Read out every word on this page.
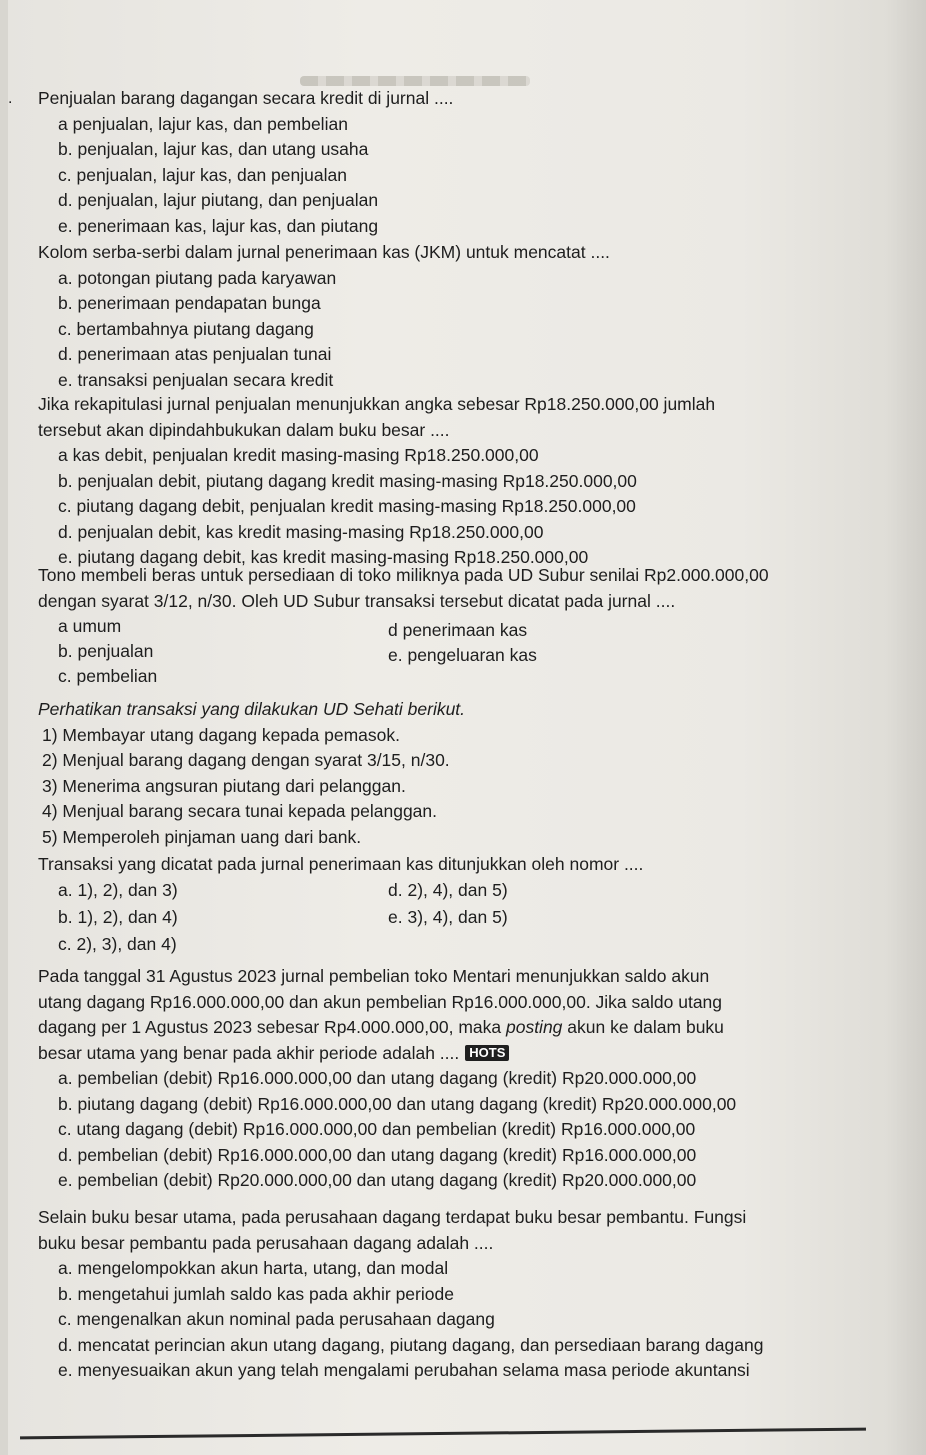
. Penjualan barang dagangan secara kredit di jurnal ....
a penjualan, lajur kas, dan pembelian
b. penjualan, lajur kas, dan utang usaha
c. penjualan, lajur kas, dan penjualan
d. penjualan, lajur piutang, dan penjualan
e. penerimaan kas, lajur kas, dan piutang
Kolom serba-serbi dalam jurnal penerimaan kas (JKM) untuk mencatat ....
a. potongan piutang pada karyawan
b. penerimaan pendapatan bunga
c. bertambahnya piutang dagang
d. penerimaan atas penjualan tunai
e. transaksi penjualan secara kredit
Jika rekapitulasi jurnal penjualan menunjukkan angka sebesar Rp18.250.000,00 jumlah
tersebut akan dipindahbukukan dalam buku besar ....
a kas debit, penjualan kredit masing-masing Rp18.250.000,00
b. penjualan debit, piutang dagang kredit masing-masing Rp18.250.000,00
c. piutang dagang debit, penjualan kredit masing-masing Rp18.250.000,00
d. penjualan debit, kas kredit masing-masing Rp18.250.000,00
e. piutang dagang debit, kas kredit masing-masing Rp18.250.000,00
Tono membeli beras untuk persediaan di toko miliknya pada UD Subur senilai Rp2.000.000,00
dengan syarat 3/12, n/30. Oleh UD Subur transaksi tersebut dicatat pada jurnal ....
a umum
b. penjualan
c. pembelian
d penerimaan kas
e. pengeluaran kas
Perhatikan transaksi yang dilakukan UD Sehati berikut.
1) Membayar utang dagang kepada pemasok.
2) Menjual barang dagang dengan syarat 3/15, n/30.
3) Menerima angsuran piutang dari pelanggan.
4) Menjual barang secara tunai kepada pelanggan.
5) Memperoleh pinjaman uang dari bank.
Transaksi yang dicatat pada jurnal penerimaan kas ditunjukkan oleh nomor ....
a. 1), 2), dan 3)
b. 1), 2), dan 4)
c. 2), 3), dan 4)
d. 2), 4), dan 5)
e. 3), 4), dan 5)
Pada tanggal 31 Agustus 2023 jurnal pembelian toko Mentari menunjukkan saldo akun
utang dagang Rp16.000.000,00 dan akun pembelian Rp16.000.000,00. Jika saldo utang
dagang per 1 Agustus 2023 sebesar Rp4.000.000,00, maka posting akun ke dalam buku
besar utama yang benar pada akhir periode adalah .... HOTS
a. pembelian (debit) Rp16.000.000,00 dan utang dagang (kredit) Rp20.000.000,00
b. piutang dagang (debit) Rp16.000.000,00 dan utang dagang (kredit) Rp20.000.000,00
c. utang dagang (debit) Rp16.000.000,00 dan pembelian (kredit) Rp16.000.000,00
d. pembelian (debit) Rp16.000.000,00 dan utang dagang (kredit) Rp16.000.000,00
e. pembelian (debit) Rp20.000.000,00 dan utang dagang (kredit) Rp20.000.000,00
Selain buku besar utama, pada perusahaan dagang terdapat buku besar pembantu. Fungsi
buku besar pembantu pada perusahaan dagang adalah ....
a. mengelompokkan akun harta, utang, dan modal
b. mengetahui jumlah saldo kas pada akhir periode
c. mengenalkan akun nominal pada perusahaan dagang
d. mencatat perincian akun utang dagang, piutang dagang, dan persediaan barang dagang
e. menyesuaikan akun yang telah mengalami perubahan selama masa periode akuntansi
